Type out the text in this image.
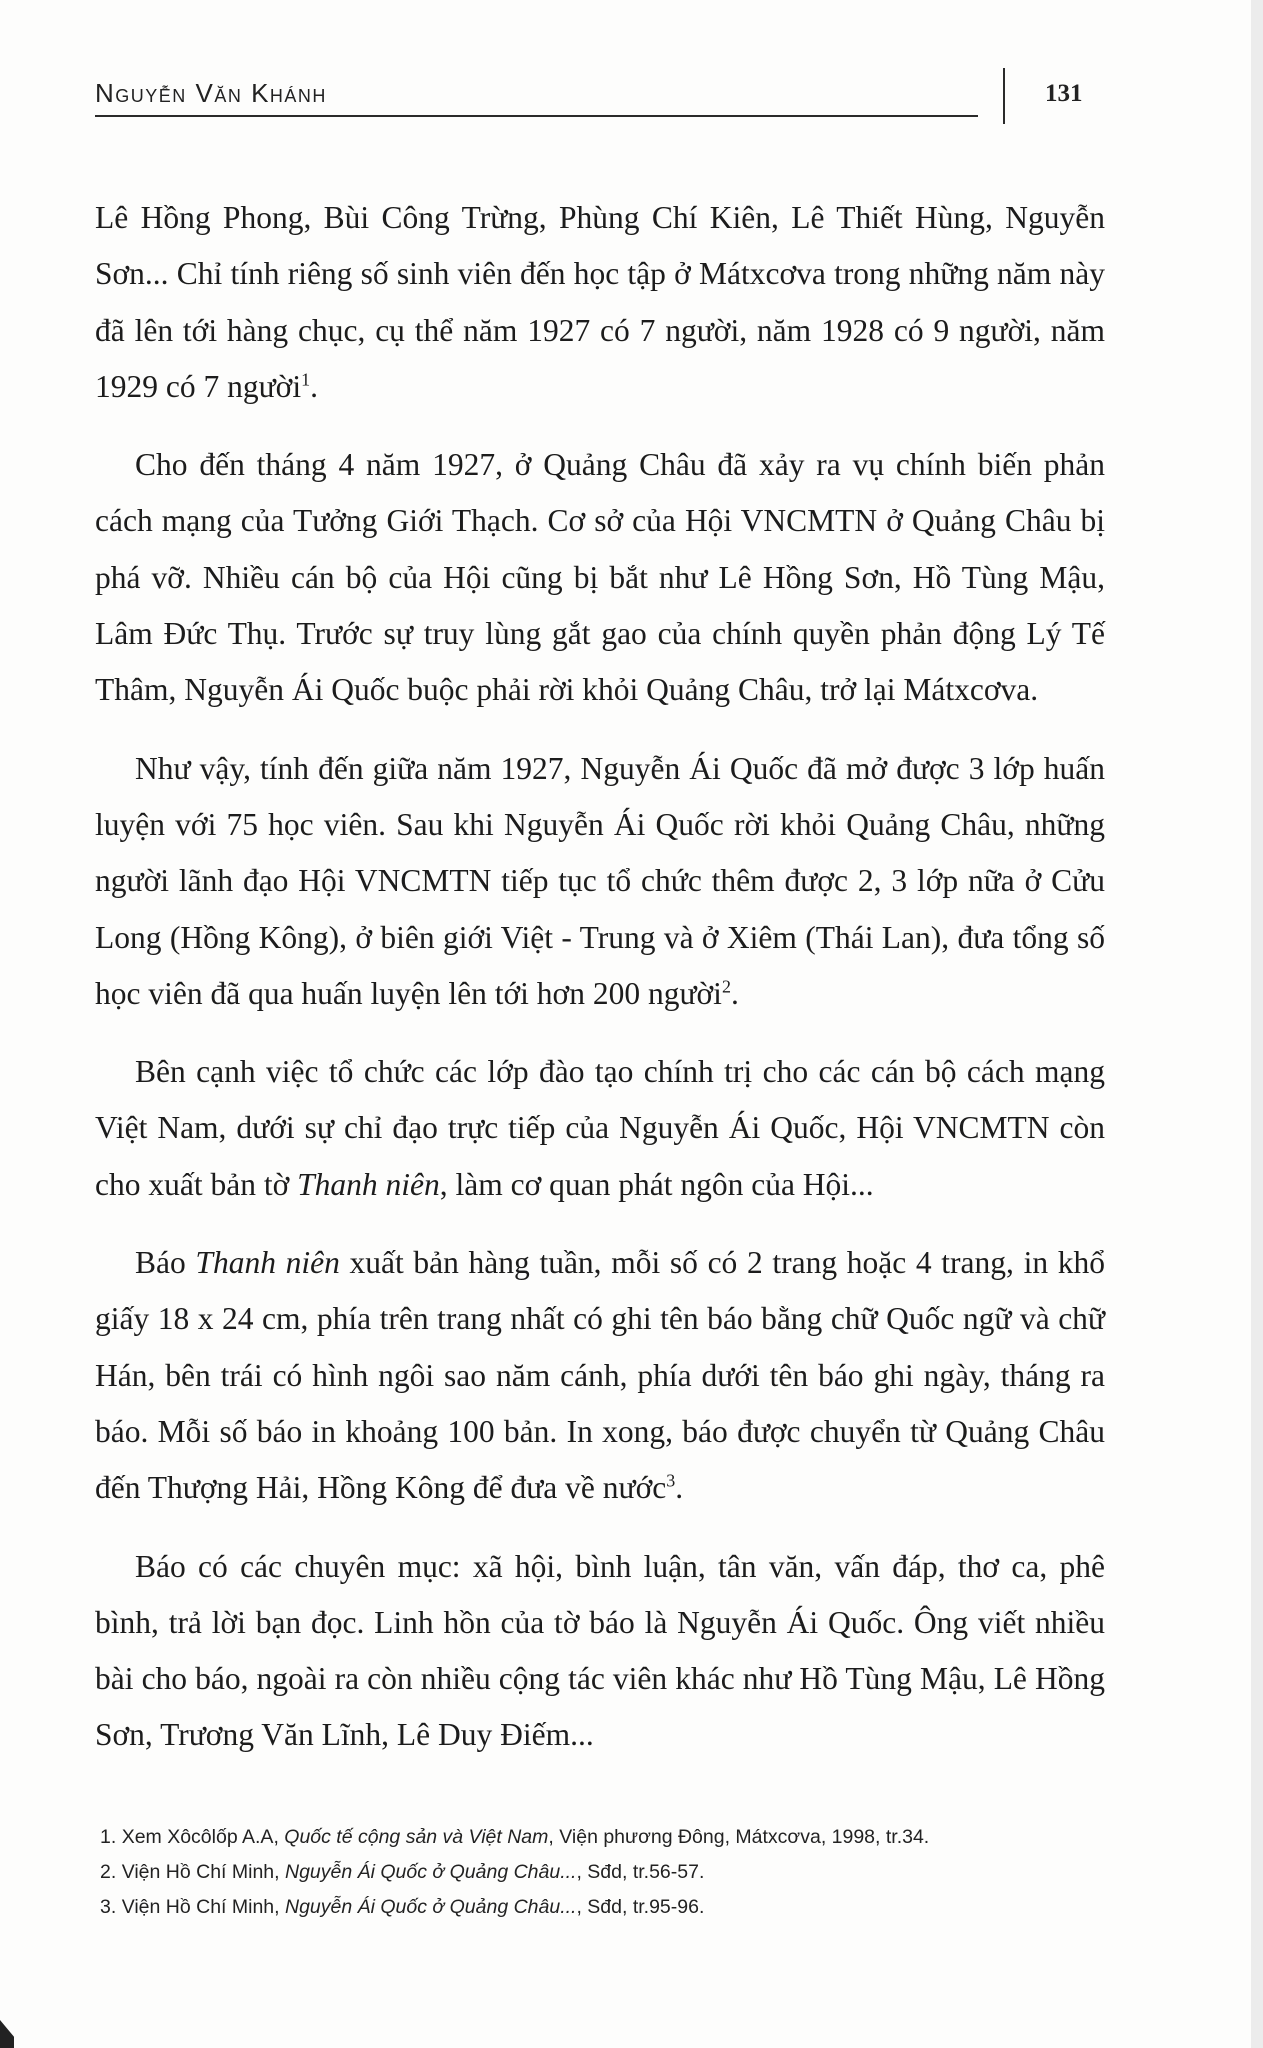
Nguyễn Văn Khánh	131

Lê Hồng Phong, Bùi Công Trừng, Phùng Chí Kiên, Lê Thiết Hùng, Nguyễn Sơn... Chỉ tính riêng số sinh viên đến học tập ở Mátxcơva trong những năm này đã lên tới hàng chục, cụ thể năm 1927 có 7 người, năm 1928 có 9 người, năm 1929 có 7 người$^1$.

Cho đến tháng 4 năm 1927, ở Quảng Châu đã xảy ra vụ chính biến phản cách mạng của Tưởng Giới Thạch. Cơ sở của Hội VNCMTN ở Quảng Châu bị phá vỡ. Nhiều cán bộ của Hội cũng bị bắt như Lê Hồng Sơn, Hồ Tùng Mậu, Lâm Đức Thụ. Trước sự truy lùng gắt gao của chính quyền phản động Lý Tế Thâm, Nguyễn Ái Quốc buộc phải rời khỏi Quảng Châu, trở lại Mátxcơva.

Như vậy, tính đến giữa năm 1927, Nguyễn Ái Quốc đã mở được 3 lớp huấn luyện với 75 học viên. Sau khi Nguyễn Ái Quốc rời khỏi Quảng Châu, những người lãnh đạo Hội VNCMTN tiếp tục tổ chức thêm được 2, 3 lớp nữa ở Cửu Long (Hồng Kông), ở biên giới Việt - Trung và ở Xiêm (Thái Lan), đưa tổng số học viên đã qua huấn luyện lên tới hơn 200 người$^2$.

Bên cạnh việc tổ chức các lớp đào tạo chính trị cho các cán bộ cách mạng Việt Nam, dưới sự chỉ đạo trực tiếp của Nguyễn Ái Quốc, Hội VNCMTN còn cho xuất bản tờ Thanh niên, làm cơ quan phát ngôn của Hội...

Báo Thanh niên xuất bản hàng tuần, mỗi số có 2 trang hoặc 4 trang, in khổ giấy 18 x 24 cm, phía trên trang nhất có ghi tên báo bằng chữ Quốc ngữ và chữ Hán, bên trái có hình ngôi sao năm cánh, phía dưới tên báo ghi ngày, tháng ra báo. Mỗi số báo in khoảng 100 bản. In xong, báo được chuyển từ Quảng Châu đến Thượng Hải, Hồng Kông để đưa về nước$^3$.

Báo có các chuyên mục: xã hội, bình luận, tân văn, vấn đáp, thơ ca, phê bình, trả lời bạn đọc. Linh hồn của tờ báo là Nguyễn Ái Quốc. Ông viết nhiều bài cho báo, ngoài ra còn nhiều cộng tác viên khác như Hồ Tùng Mậu, Lê Hồng Sơn, Trương Văn Lĩnh, Lê Duy Điếm...

1. Xem Xôcôlốp A.A, Quốc tế cộng sản và Việt Nam, Viện phương Đông, Mátxcơva, 1998, tr.34.

2. Viện Hồ Chí Minh, Nguyễn Ái Quốc ở Quảng Châu..., Sđd, tr.56-57.

3. Viện Hồ Chí Minh, Nguyễn Ái Quốc ở Quảng Châu..., Sđd, tr.95-96.
